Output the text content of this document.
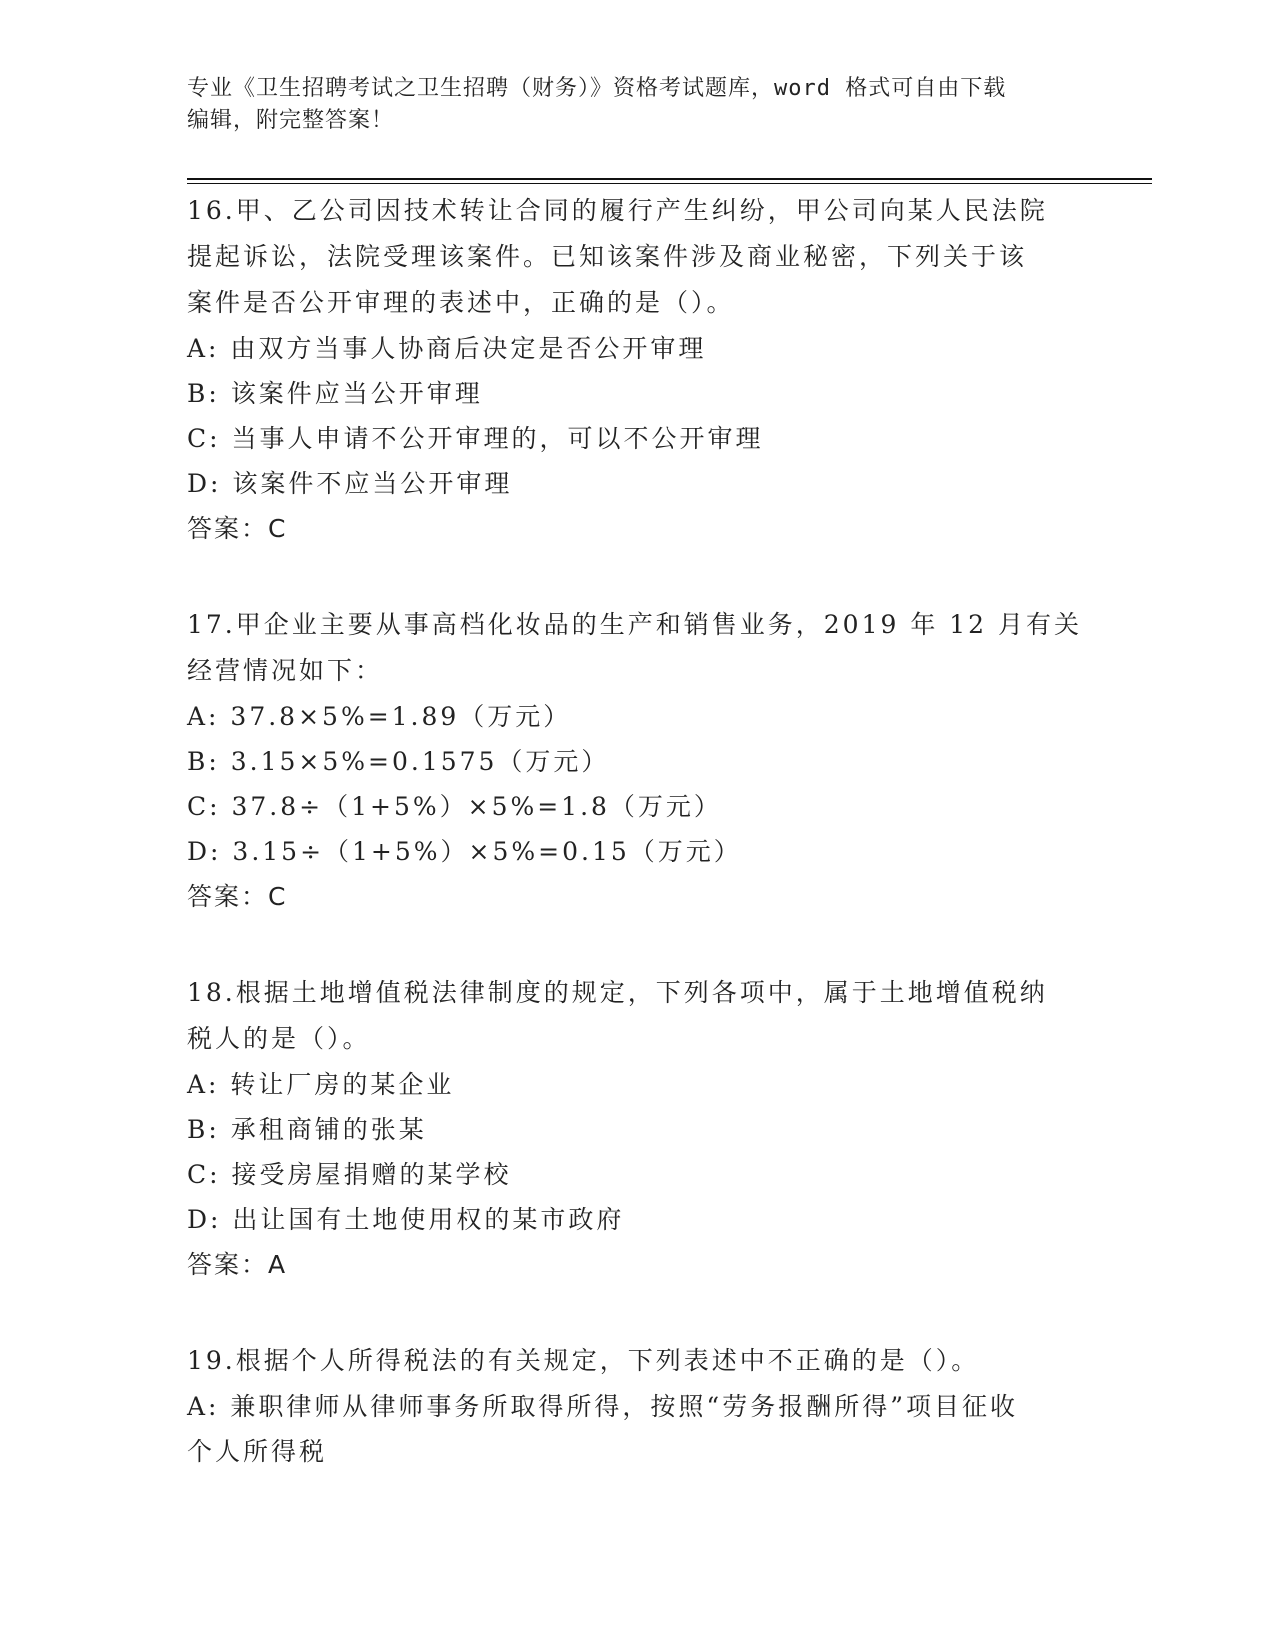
专业《卫生招聘考试之卫生招聘（财务）》资格考试题库，word 格式可自由下载
编辑，附完整答案！

16.甲、乙公司因技术转让合同的履行产生纠纷，甲公司向某人民法院

提起诉讼，法院受理该案件。已知该案件涉及商业秘密，下列关于该

案件是否公开审理的表述中，正确的是（）。

A: 由双方当事人协商后决定是否公开审理

B: 该案件应当公开审理

C: 当事人申请不公开审理的，可以不公开审理

D: 该案件不应当公开审理

答案：C

17.甲企业主要从事高档化妆品的生产和销售业务，2019 年 12 月有关

经营情况如下：

A: 37.8×5%=1.89（万元）

B: 3.15×5%=0.1575（万元）

C: 37.8÷（1+5%）×5%=1.8（万元）

D: 3.15÷（1+5%）×5%=0.15（万元）

答案：C

18.根据土地增值税法律制度的规定，下列各项中，属于土地增值税纳

税人的是（）。

A: 转让厂房的某企业

B: 承租商铺的张某

C: 接受房屋捐赠的某学校

D: 出让国有土地使用权的某市政府

答案：A

19.根据个人所得税法的有关规定，下列表述中不正确的是（）。

A: 兼职律师从律师事务所取得所得，按照“劳务报酬所得”项目征收

个人所得税
